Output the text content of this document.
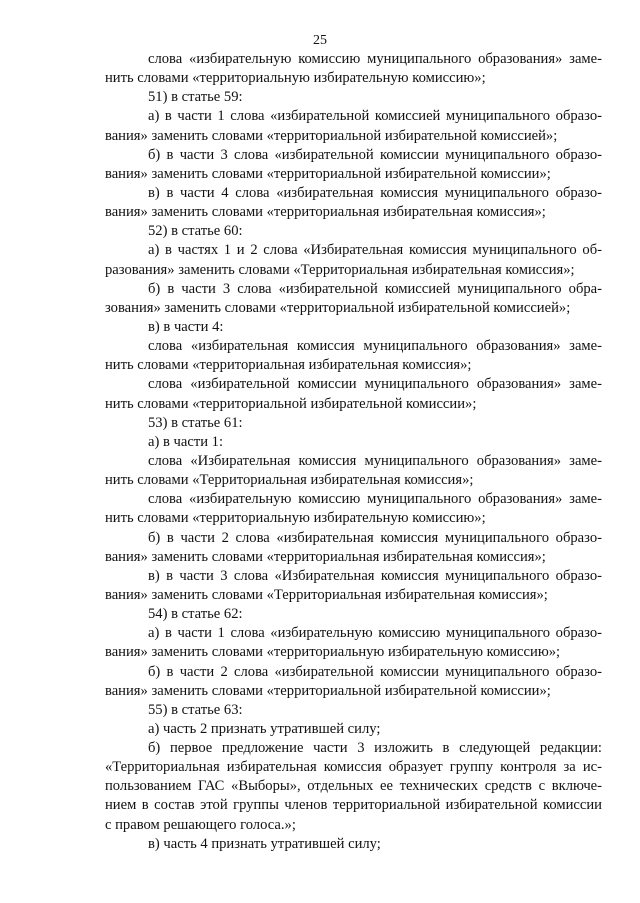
25
слова «избирательную комиссию муниципального образования» заме-
нить словами «территориальную избирательную комиссию»;
51) в статье 59:
а) в части 1 слова «избирательной комиссией муниципального образо-
вания» заменить словами «территориальной избирательной комиссией»;
б) в части 3 слова «избирательной комиссии муниципального образо-
вания» заменить словами «территориальной избирательной комиссии»;
в) в части 4 слова «избирательная комиссия муниципального образо-
вания» заменить словами «территориальная избирательная комиссия»;
52) в статье 60:
а) в частях 1 и 2 слова «Избирательная комиссия муниципального об-
разования» заменить словами «Территориальная избирательная комиссия»;
б) в части 3 слова «избирательной комиссией муниципального обра-
зования» заменить словами «территориальной избирательной комиссией»;
в) в части 4:
слова «избирательная комиссия муниципального образования» заме-
нить словами «территориальная избирательная комиссия»;
слова «избирательной комиссии муниципального образования» заме-
нить словами «территориальной избирательной комиссии»;
53) в статье 61:
а) в части 1:
слова «Избирательная комиссия муниципального образования» заме-
нить словами «Территориальная избирательная комиссия»;
слова «избирательную комиссию муниципального образования» заме-
нить словами «территориальную избирательную комиссию»;
б) в части 2 слова «избирательная комиссия муниципального образо-
вания» заменить словами «территориальная избирательная комиссия»;
в) в части 3 слова «Избирательная комиссия муниципального образо-
вания» заменить словами «Территориальная избирательная комиссия»;
54) в статье 62:
а) в части 1 слова «избирательную комиссию муниципального образо-
вания» заменить словами «территориальную избирательную комиссию»;
б) в части 2 слова «избирательной комиссии муниципального образо-
вания» заменить словами «территориальной избирательной комиссии»;
55) в статье 63:
а) часть 2 признать утратившей силу;
б) первое предложение части 3 изложить в следующей редакции:
«Территориальная избирательная комиссия образует группу контроля за ис-
пользованием ГАС «Выборы», отдельных ее технических средств с включе-
нием в состав этой группы членов территориальной избирательной комиссии
с правом решающего голоса.»;
в) часть 4 признать утратившей силу;
